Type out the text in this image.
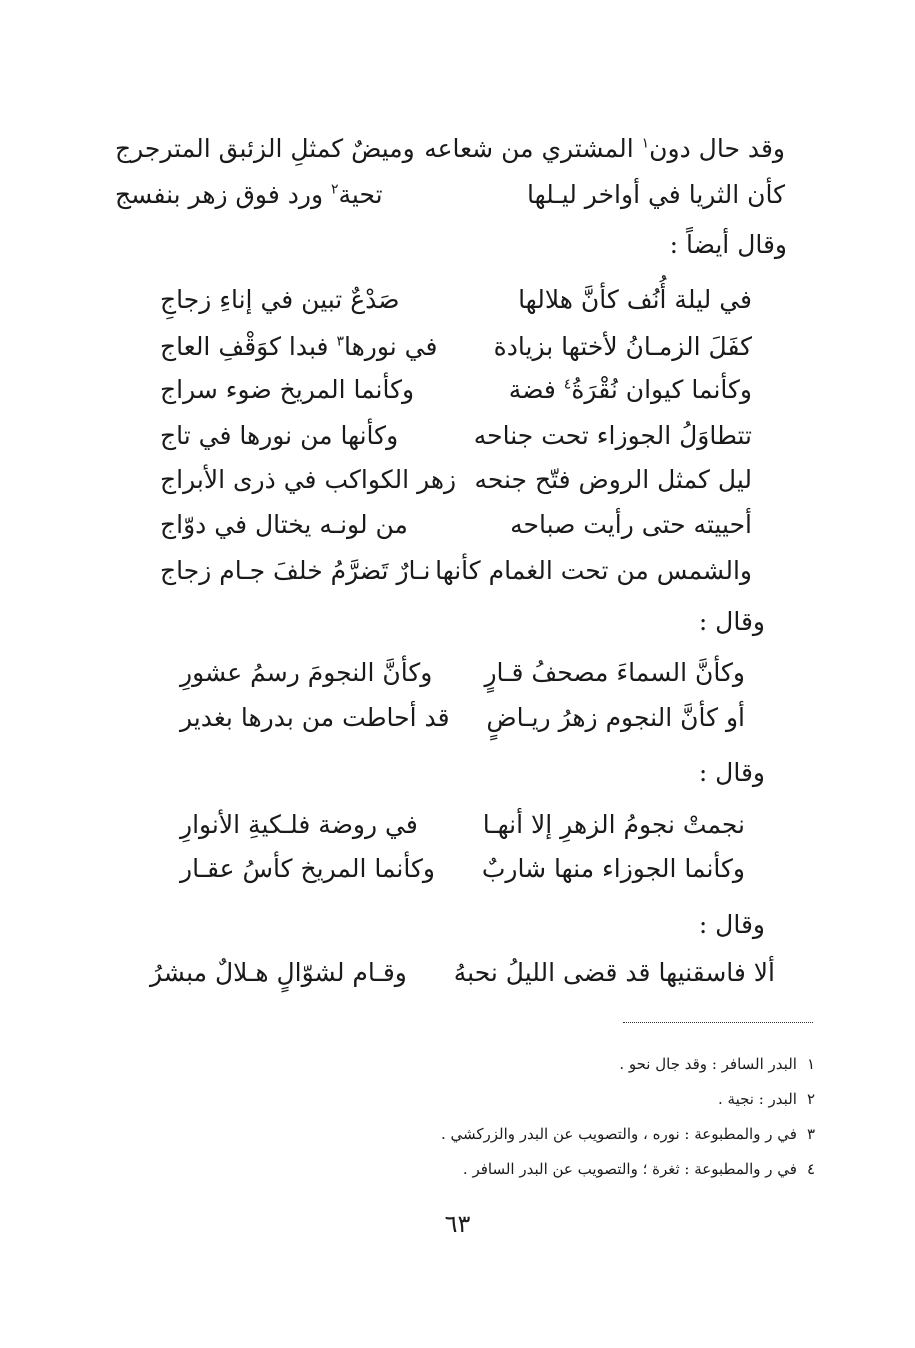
وقد حال دون$^١$ المشتري من شعاعه
وميضٌ كمثلِ الزئبق المترجرج
كأن الثريا في أواخر ليـلها
تحية$^٢$ ورد فوق زهر بنفسج
وقال أيضاً :
في ليلة أُنُف كأنَّ هلالها
صَدْعٌ تبين في إناءِ زجاجِ
كفَلَ الزمـانُ لأختها بزيادة
في نورها$^٣$ فبدا كوَقْفِ العاج
وكأنما كيوان نُقْرَةُ$^٤$ فضة
وكأنما المريخ ضوء سراج
تتطاوَلُ الجوزاء تحت جناحه
وكأنها من نورها في تاج
ليل كمثل الروض فتّح جنحه
زهر الكواكب في ذرى الأبراج
أحييته حتى رأيت صباحه
من لونـه يختال في دوّاج
والشمس من تحت الغمام كأنها
نـارٌ تَضرَّمُ خلفَ جـام زجاج
وقال :
وكأنَّ السماءَ مصحفُ قـارٍ
وكأنَّ النجومَ رسمُ عشورِ
أو كأنَّ النجوم زهرُ ريـاضٍ
قد أحاطت من بدرها بغدير
وقال :
نجمتْ نجومُ الزهرِ إلا أنهـا
في روضة فلـكيةِ الأنوارِ
وكأنما الجوزاء منها شاربٌ
وكأنما المريخ كأسُ عقـار
وقال :
ألا فاسقنيها قد قضى الليلُ نحبهُ
وقـام لشوّالٍ هـلالٌ مبشرُ
١البدر السافر : وقد جال نحو .
٢البدر : نجية .
٣في ر والمطبوعة : نوره ، والتصويب عن البدر والزركشي .
٤في ر والمطبوعة : ثغرة ؛ والتصويب عن البدر السافر .
٦٣
